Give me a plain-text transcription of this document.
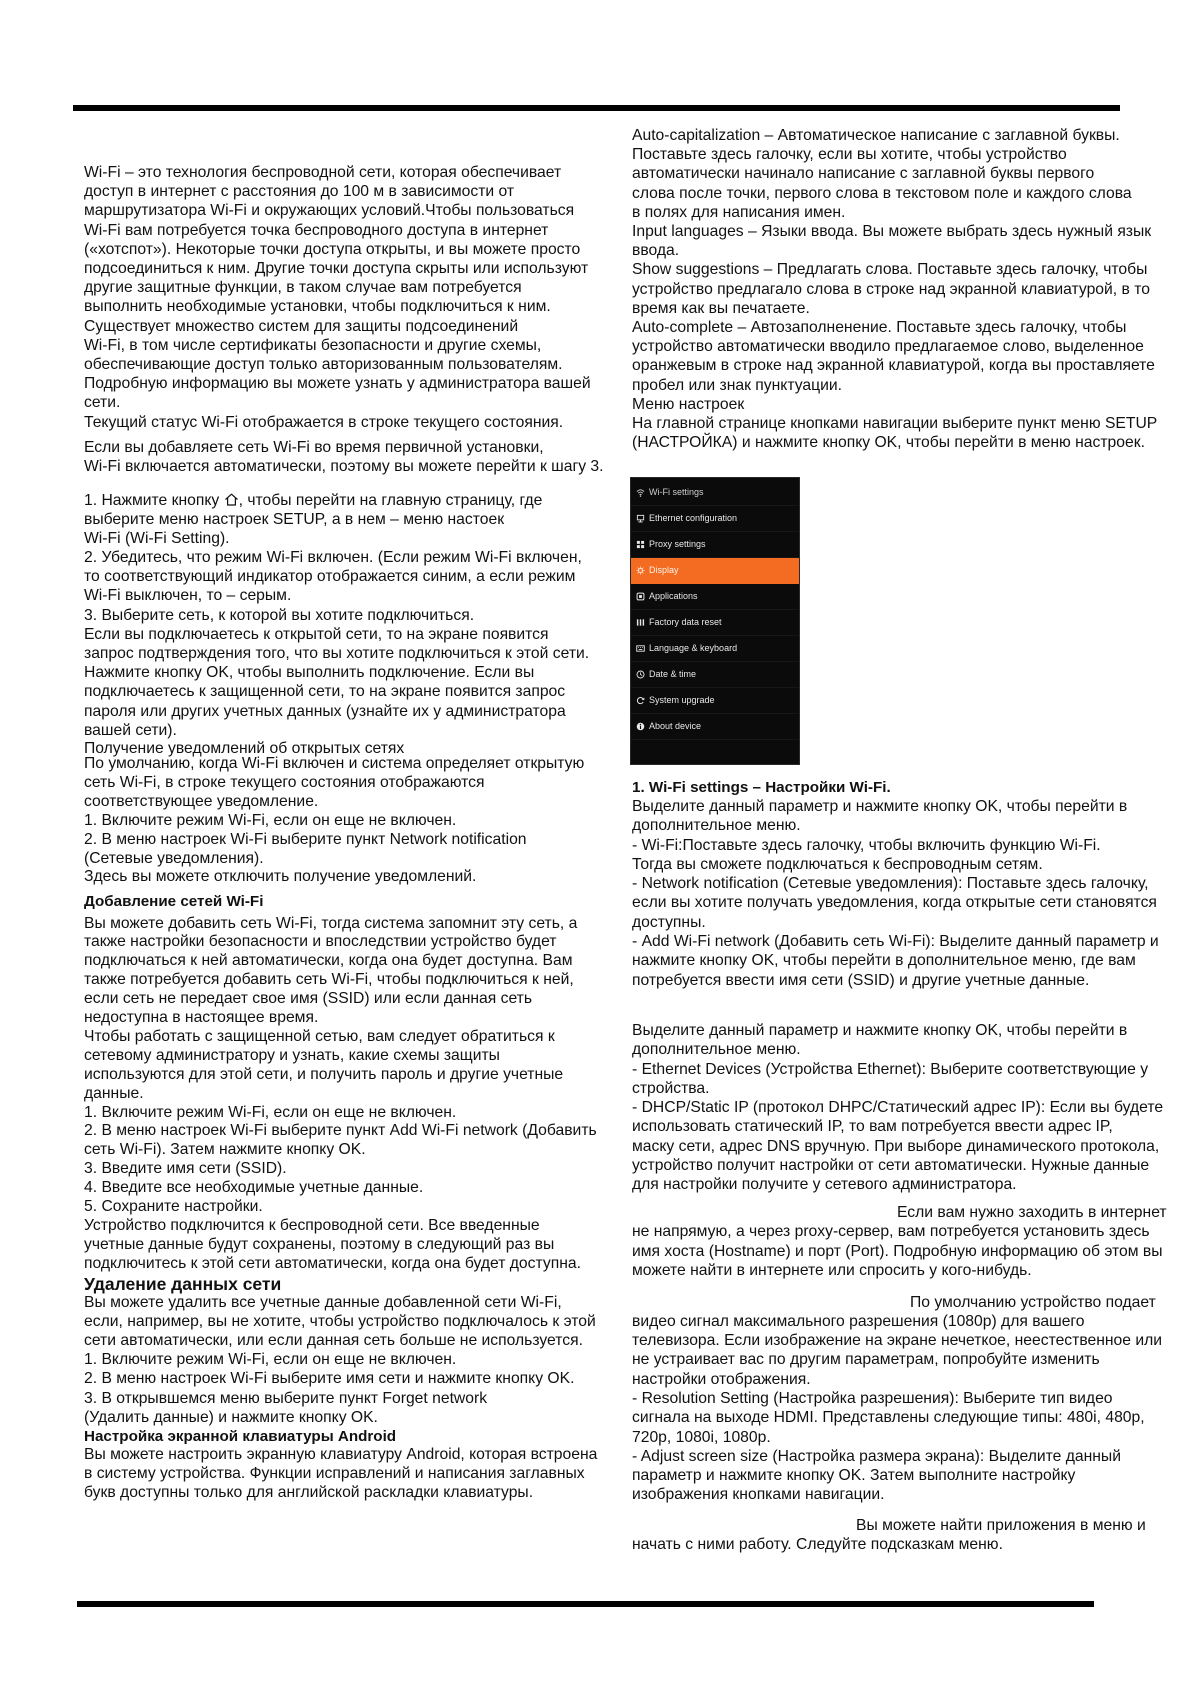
Wi-Fi – это технология беспроводной сети, которая обеспечивает
доступ в интернет с расстояния до 100 м в зависимости от
маршрутизатора Wi-Fi и окружающих условий.Чтобы пользоваться
Wi-Fi вам потребуется точка беспроводного доступа в интернет
(«хотспот»). Некоторые точки доступа открыты, и вы можете просто
подсоединиться к ним. Другие точки доступа скрыты или используют
другие защитные функции, в таком случае вам потребуется
выполнить необходимые установки, чтобы подключиться к ним.
Существует множество систем для защиты подсоединений
Wi-Fi, в том числе сертификаты безопасности и другие схемы,
обеспечивающие доступ только авторизованным пользователям.
Подробную информацию вы можете узнать у администратора вашей
сети.
Текущий статус Wi-Fi отображается в строке текущего состояния.
Если вы добавляете сеть Wi-Fi во время первичной установки,
Wi-Fi включается автоматически, поэтому вы можете перейти к шагу 3.
1. Нажмите кнопку , чтобы перейти на главную страницу, где
выберите меню настроек SETUP, а в нем – меню настоек
Wi-Fi (Wi-Fi Setting).
2. Убедитесь, что режим Wi-Fi включен. (Если режим Wi-Fi включен,
то соответствующий индикатор отображается синим, а если режим
Wi-Fi выключен, то – серым.
3. Выберите сеть, к которой вы хотите подключиться.
Если вы подключаетесь к открытой сети, то на экране появится
запрос подтверждения того, что вы хотите подключиться к этой сети.
Нажмите кнопку OK, чтобы выполнить подключение. Если вы
подключаетесь к защищенной сети, то на экране появится запрос
пароля или других учетных данных (узнайте их у администратора
вашей сети).
Получение уведомлений об открытых сетях
По умолчанию, когда Wi-Fi включен и система определяет открытую
сеть Wi-Fi, в строке текущего состояния отображаются
соответствующее уведомление.
1. Включите режим Wi-Fi, если он еще не включен.
2. В меню настроек Wi-Fi выберите пункт Network notification
(Сетевые уведомления).
Здесь вы можете отключить получение уведомлений.
Добавление сетей Wi-Fi
Вы можете добавить сеть Wi-Fi, тогда система запомнит эту сеть, а
также настройки безопасности и впоследствии устройство будет
подключаться к ней автоматически, когда она будет доступна. Вам
также потребуется добавить сеть Wi-Fi, чтобы подключиться к ней,
если сеть не передает свое имя (SSID) или если данная сеть
недоступна в настоящее время.
Чтобы работать с защищенной сетью, вам следует обратиться к
сетевому администратору и узнать, какие схемы защиты
используются для этой сети, и получить пароль и другие учетные
данные.
1. Включите режим Wi-Fi, если он еще не включен.
2. В меню настроек Wi-Fi выберите пункт Add Wi-Fi network (Добавить
сеть Wi-Fi). Затем нажмите кнопку OK.
3. Введите имя сети (SSID).
4. Введите все необходимые учетные данные.
5. Сохраните настройки.
Устройство подключится к беспроводной сети. Все введенные
учетные данные будут сохранены, поэтому в следующий раз вы
подключитесь к этой сети автоматически, когда она будет доступна.
Удаление данных сети
Вы можете удалить все учетные данные добавленной сети Wi-Fi,
если, например, вы не хотите, чтобы устройство подключалось к этой
сети автоматически, или если данная сеть больше не используется.
1. Включите режим Wi-Fi, если он еще не включен.
2. В меню настроек Wi-Fi выберите имя сети и нажмите кнопку OK.
3. В открывшемся меню выберите пункт Forget network
(Удалить данные) и нажмите кнопку OK.
Настройка экранной клавиатуры Android
Вы можете настроить экранную клавиатуру Android, которая встроена
в систему устройства. Функции исправлений и написания заглавных
букв доступны только для английской раскладки клавиатуры.
Auto-capitalization – Автоматическое написание с заглавной буквы.
Поставьте здесь галочку, если вы хотите, чтобы устройство
автоматически начинало написание с заглавной буквы первого
слова после точки, первого слова в текстовом поле и каждого слова
в полях для написания имен.
Input languages – Языки ввода. Вы можете выбрать здесь нужный язык
ввода.
Show suggestions – Предлагать слова. Поставьте здесь галочку, чтобы
устройство предлагало слова в строке над экранной клавиатурой, в то
время как вы печатаете.
Auto-complete – Автозаполненение. Поставьте здесь галочку, чтобы
устройство автоматически вводило предлагаемое слово, выделенное
оранжевым в строке над экранной клавиатурой, когда вы проставляете
пробел или знак пунктуации.
Меню настроек
На главной странице кнопками навигации выберите пункт меню SETUP
(НАСТРОЙКА) и нажмите кнопку OK, чтобы перейти в меню настроек.
Wi-Fi settings
Ethernet configuration
Proxy settings
Display
Applications
Factory data reset
Language & keyboard
Date & time
System upgrade
About device
1. Wi-Fi settings – Настройки Wi-Fi.
Выделите данный параметр и нажмите кнопку OK, чтобы перейти в
дополнительное меню.
- Wi-Fi:Поставьте здесь галочку, чтобы включить функцию Wi-Fi.
Тогда вы сможете подключаться к беспроводным сетям.
- Network notification (Сетевые уведомления): Поставьте здесь галочку,
если вы хотите получать уведомления, когда открытые сети становятся
доступны.
- Add Wi-Fi network (Добавить сеть Wi-Fi): Выделите данный параметр и
нажмите кнопку OK, чтобы перейти в дополнительное меню, где вам
потребуется ввести имя сети (SSID) и другие учетные данные.
Выделите данный параметр и нажмите кнопку OK, чтобы перейти в
дополнительное меню.
- Ethernet Devices (Устройства Ethernet): Выберите соответствующие у
стройства.
- DHCP/Static IP (протокол DHPC/Статический адрес IP): Если вы будете
использовать статический IP, то вам потребуется ввести адрес IP,
маску сети, адрес DNS вручную. При выборе динамического протокола,
устройство получит настройки от сети автоматически. Нужные данные
для настройки получите у сетевого администратора.
Если вам нужно заходить в интернет
не напрямую, а через proxy-сервер, вам потребуется установить здесь
имя хоста (Hostname) и порт (Port). Подробную информацию об этом вы
можете найти в интернете или спросить у кого-нибудь.
По умолчанию устройство подает
видео сигнал максимального разрешения (1080p) для вашего
телевизора. Если изображение на экране нечеткое, неестественное или
не устраивает вас по другим параметрам, попробуйте изменить
настройки отображения.
- Resolution Setting (Настройка разрешения): Выберите тип видео
сигнала на выходе HDMI. Представлены следующие типы: 480i, 480p,
720p, 1080i, 1080p.
- Adjust screen size (Настройка размера экрана): Выделите данный
параметр и нажмите кнопку OK. Затем выполните настройку
изображения кнопками навигации.
Вы можете найти приложения в меню и
начать с ними работу. Следуйте подсказкам меню.
